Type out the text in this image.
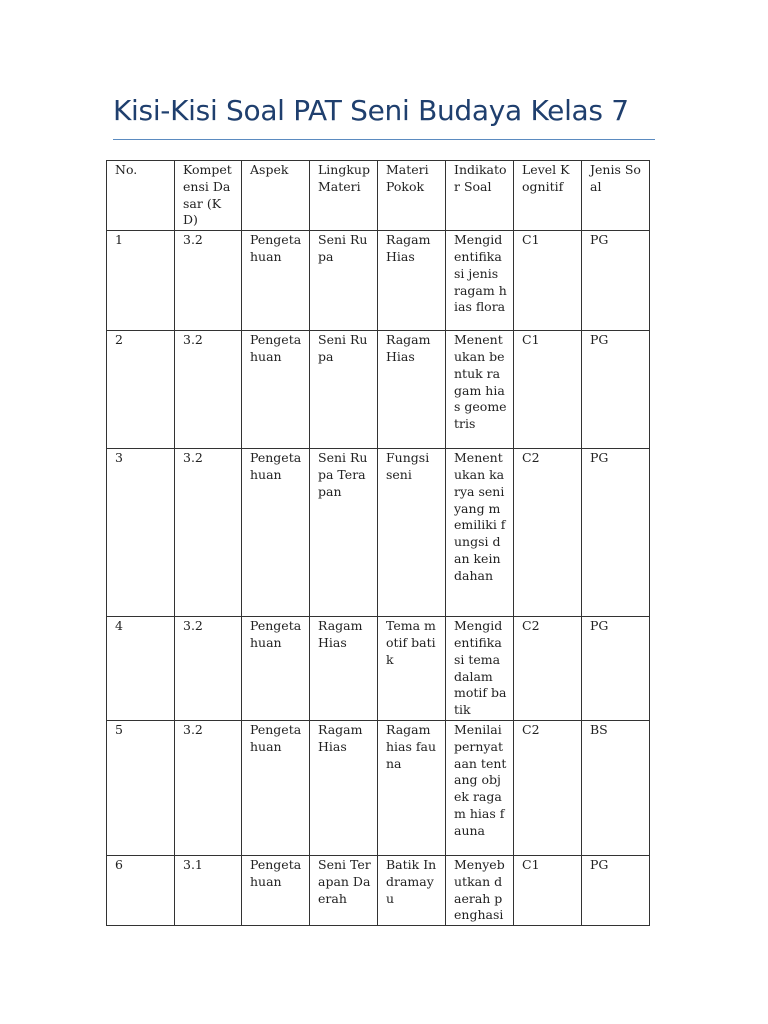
Kisi-Kisi Soal PAT Seni Budaya Kelas 7
No.	Kompetensi Dasar (KD)	Aspek	Lingkup Materi	Materi Pokok	Indikator Soal	Level Kognitif	Jenis Soal
1	3.2	Pengetahuan	Seni Rupa	Ragam Hias	Mengidentifikasi jenis ragam hias flora	C1	PG
2	3.2	Pengetahuan	Seni Rupa	Ragam Hias	Menentukan bentuk ragam hias geometris	C1	PG
3	3.2	Pengetahuan	Seni Rupa Terapan	Fungsi seni	Menentukan karya seni yang memiliki fungsi dan keindahan	C2	PG
4	3.2	Pengetahuan	Ragam Hias	Tema motif batik	Mengidentifikasi tema dalam motif batik	C2	PG
5	3.2	Pengetahuan	Ragam Hias	Ragam hias fauna	Menilai pernyataan tentang objek ragam hias fauna	C2	BS
6	3.1	Pengetahuan	Seni Terapan Daerah	Batik Indramayu	Menyebutkan daerah penghasi	C1	PG
